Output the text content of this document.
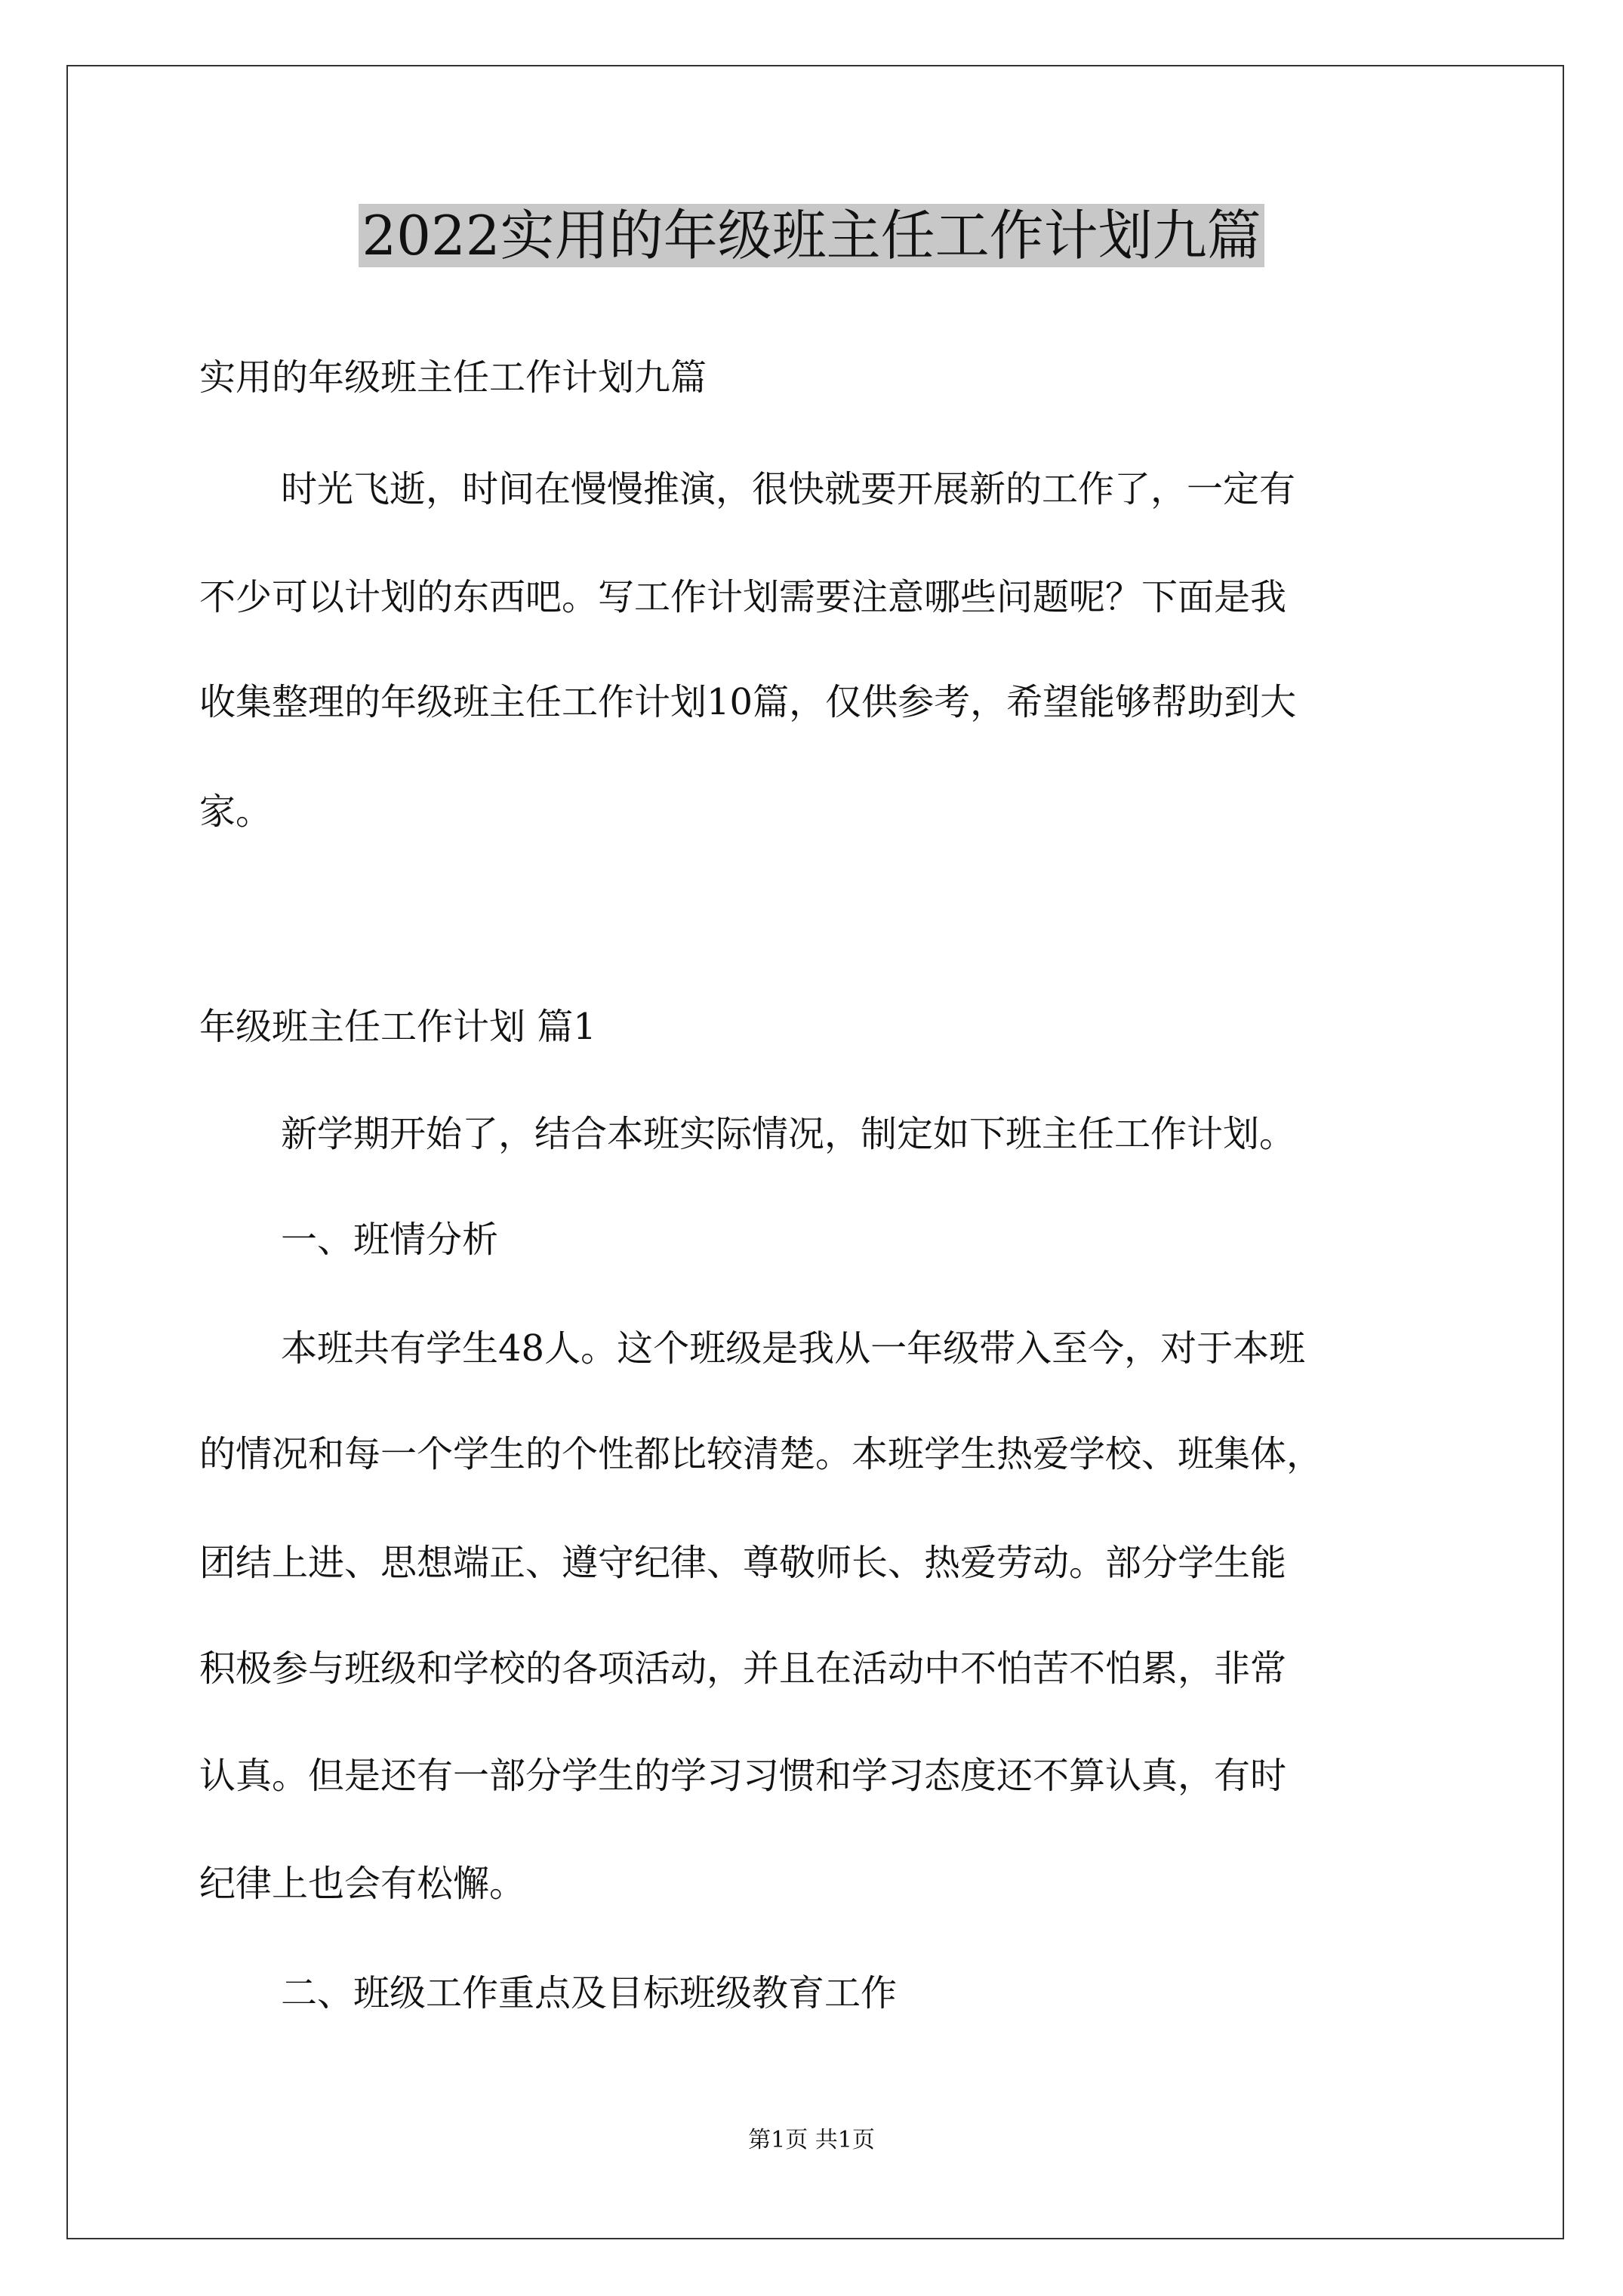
2022实用的年级班主任工作计划九篇

实用的年级班主任工作计划九篇

时光飞逝，时间在慢慢推演，很快就要开展新的工作了，一定有

不少可以计划的东西吧。写工作计划需要注意哪些问题呢？下面是我

收集整理的年级班主任工作计划10篇，仅供参考，希望能够帮助到大

家。

年级班主任工作计划 篇1

新学期开始了，结合本班实际情况，制定如下班主任工作计划。

一、班情分析

本班共有学生48人。这个班级是我从一年级带入至今，对于本班

的情况和每一个学生的个性都比较清楚。本班学生热爱学校、班集体，

团结上进、思想端正、遵守纪律、尊敬师长、热爱劳动。部分学生能

积极参与班级和学校的各项活动，并且在活动中不怕苦不怕累，非常

认真。但是还有一部分学生的学习习惯和学习态度还不算认真，有时

纪律上也会有松懈。

二、班级工作重点及目标班级教育工作

第1页 共1页
